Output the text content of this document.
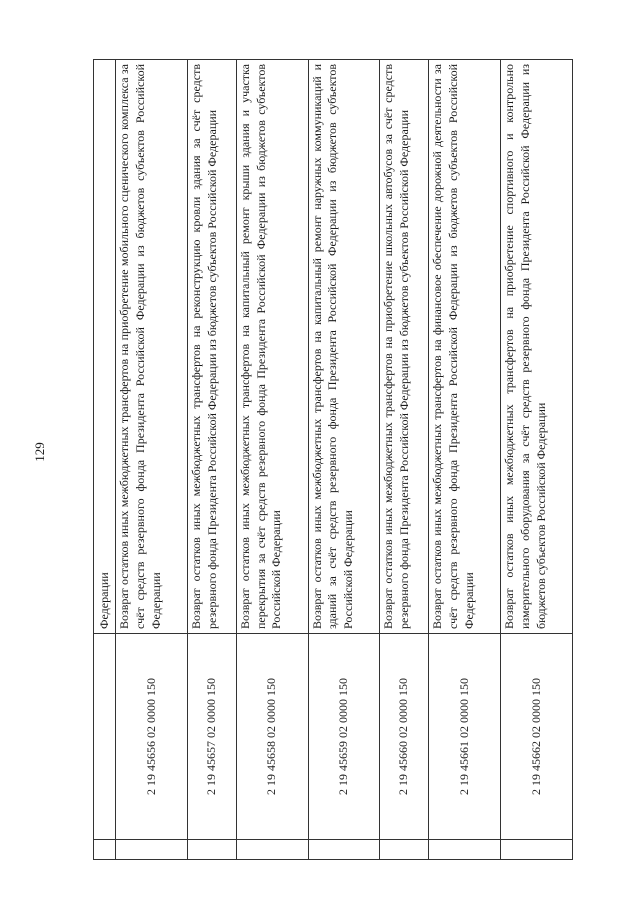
129
		Федерации
	2 19 45656 02 0000 150	Возврат остатков иных межбюджетных трансфертов на приобретение мобильного сценического комплекса за счёт средств резервного фонда Президента Российской Федерации из бюджетов субъектов Российской Федерации
	2 19 45657 02 0000 150	Возврат остатков иных межбюджетных трансфертов на реконструкцию кровли здания за счёт средств резервного фонда Президента Российской Федерации из бюджетов субъектов Российской Федерации
	2 19 45658 02 0000 150	Возврат остатков иных межбюджетных трансфертов на капитальный ремонт крыши здания и участка перекрытия за счёт средств резервного фонда Президента Российской Федерации из бюджетов субъектов Российской Федерации
	2 19 45659 02 0000 150	Возврат остатков иных межбюджетных трансфертов на капитальный ремонт наружных коммуникаций и зданий за счёт средств резервного фонда Президента Российской Федерации из бюджетов субъектов Российской Федерации
	2 19 45660 02 0000 150	Возврат остатков иных межбюджетных трансфертов на приобретение школьных автобусов за счёт средств резервного фонда Президента Российской Федерации из бюджетов субъектов Российской Федерации
	2 19 45661 02 0000 150	Возврат остатков иных межбюджетных трансфертов на финансовое обеспечение дорожной деятельности за счёт средств резервного фонда Президента Российской Федерации из бюджетов субъектов Российской Федерации
	2 19 45662 02 0000 150	Возврат остатков иных межбюджетных трансфертов на приобретение спортивного и контрольно измерительного оборудования за счёт средств резервного фонда Президента Российской Федерации из бюджетов субъектов Российской Федерации
